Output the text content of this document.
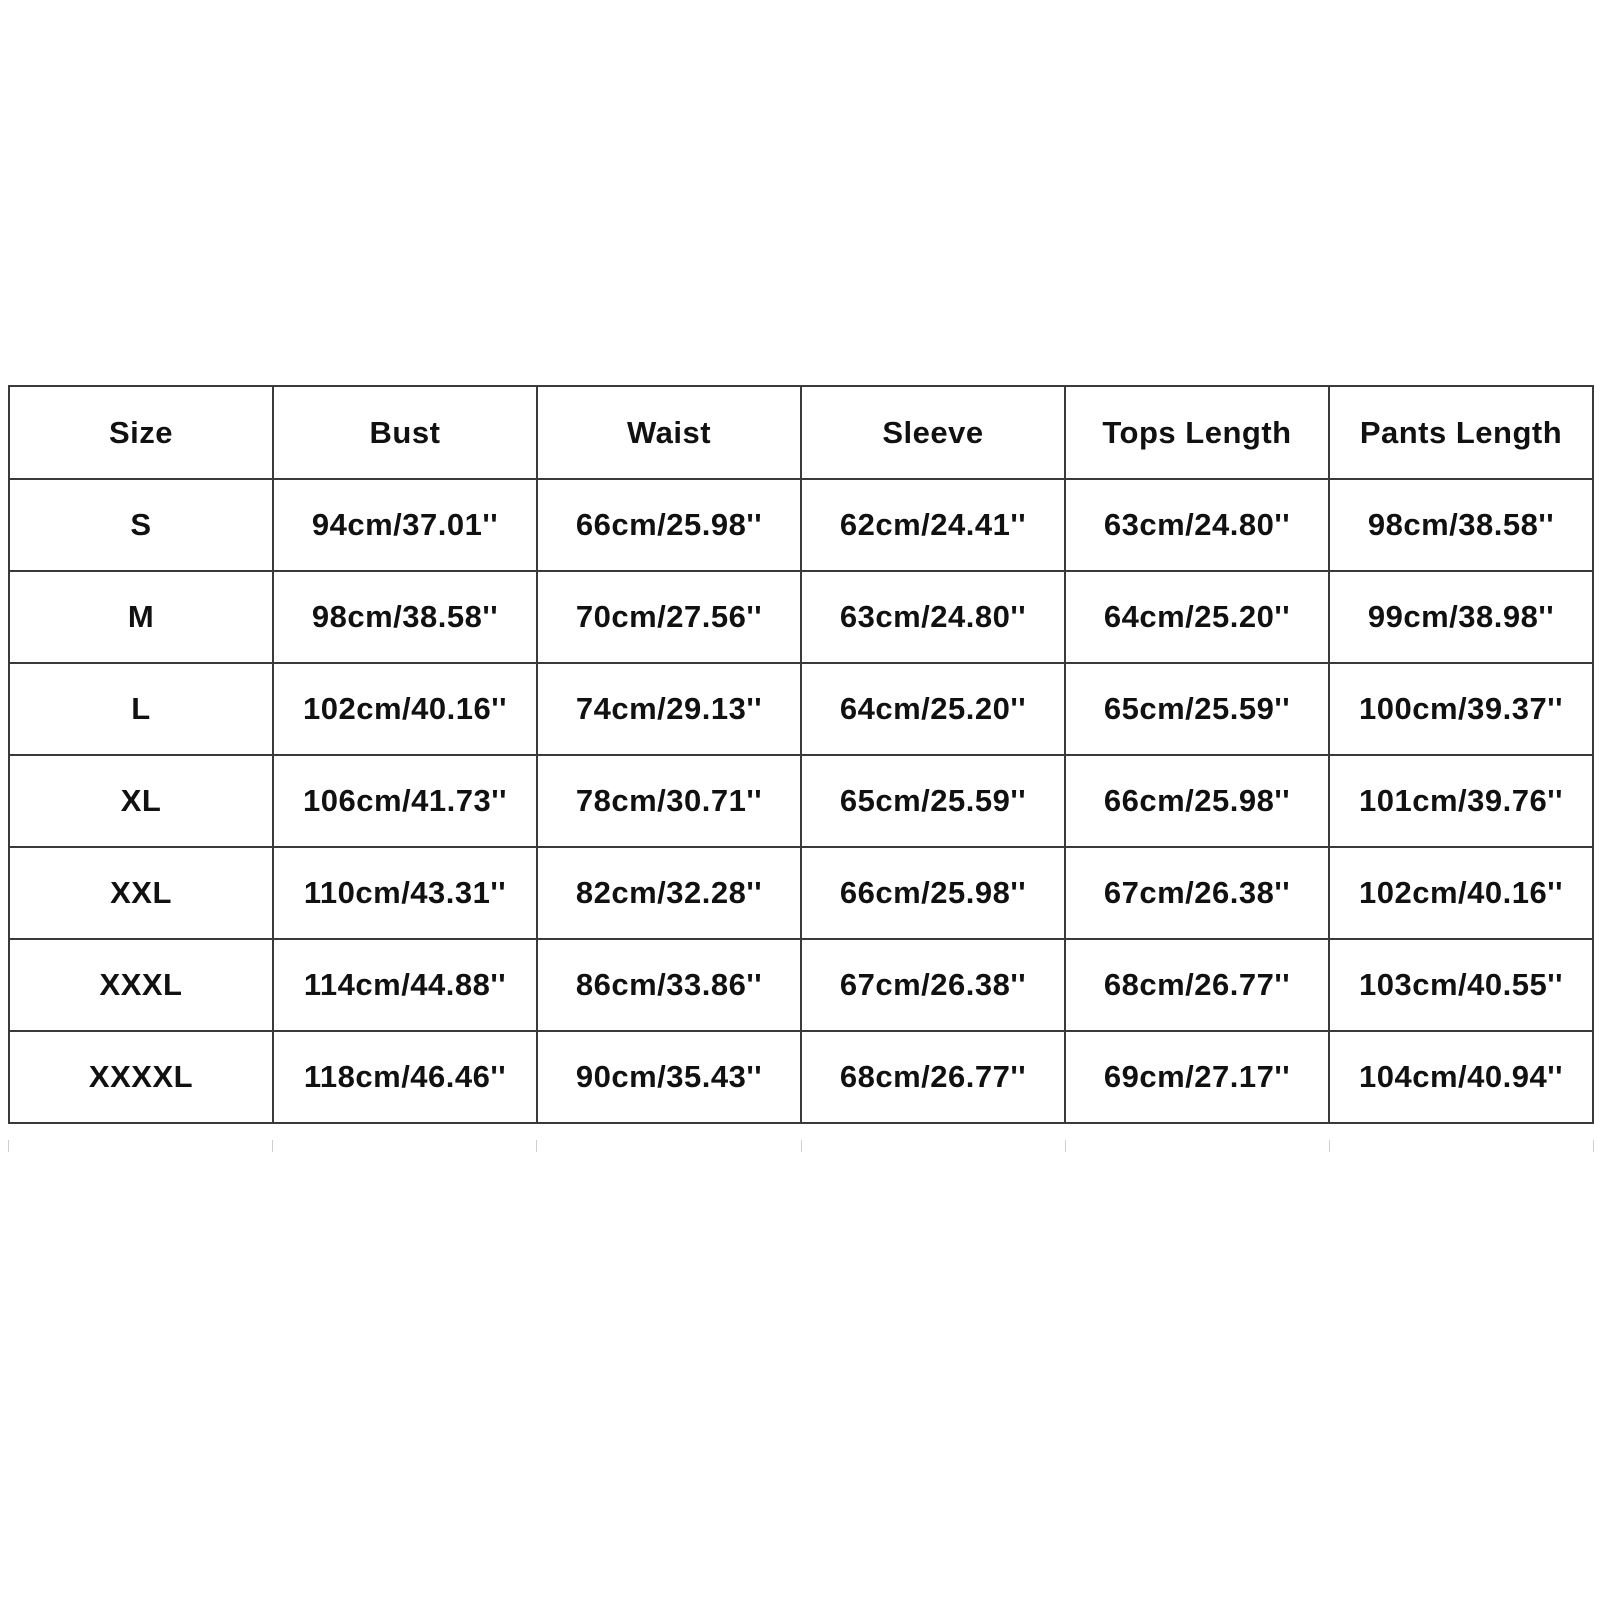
Size	Bust	Waist	Sleeve	Tops Length	Pants Length
S	94cm/37.01''	66cm/25.98''	62cm/24.41''	63cm/24.80''	98cm/38.58''
M	98cm/38.58''	70cm/27.56''	63cm/24.80''	64cm/25.20''	99cm/38.98''
L	102cm/40.16''	74cm/29.13''	64cm/25.20''	65cm/25.59''	100cm/39.37''
XL	106cm/41.73''	78cm/30.71''	65cm/25.59''	66cm/25.98''	101cm/39.76''
XXL	110cm/43.31''	82cm/32.28''	66cm/25.98''	67cm/26.38''	102cm/40.16''
XXXL	114cm/44.88''	86cm/33.86''	67cm/26.38''	68cm/26.77''	103cm/40.55''
XXXXL	118cm/46.46''	90cm/35.43''	68cm/26.77''	69cm/27.17''	104cm/40.94''
